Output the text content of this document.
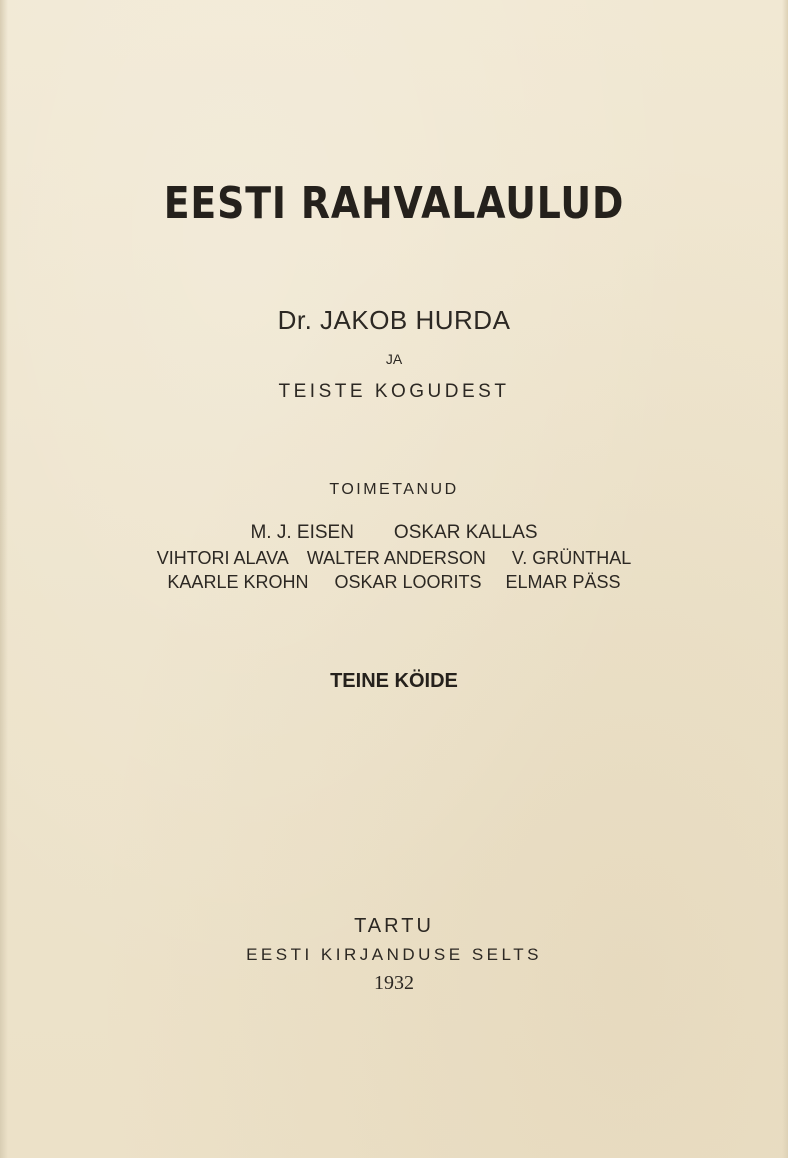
EESTI RAHVALAULUD
Dr. JAKOB HURDA
JA
TEISTE KOGUDEST
TOIMETANUD
M. J. EISEN OSKAR KALLAS
VIHTORI ALAVA WALTER ANDERSON V. GRÜNTHAL
KAARLE KROHN OSKAR LOORITS ELMAR PÄSS
TEINE KÖIDE
TARTU
EESTI KIRJANDUSE SELTS
1932
